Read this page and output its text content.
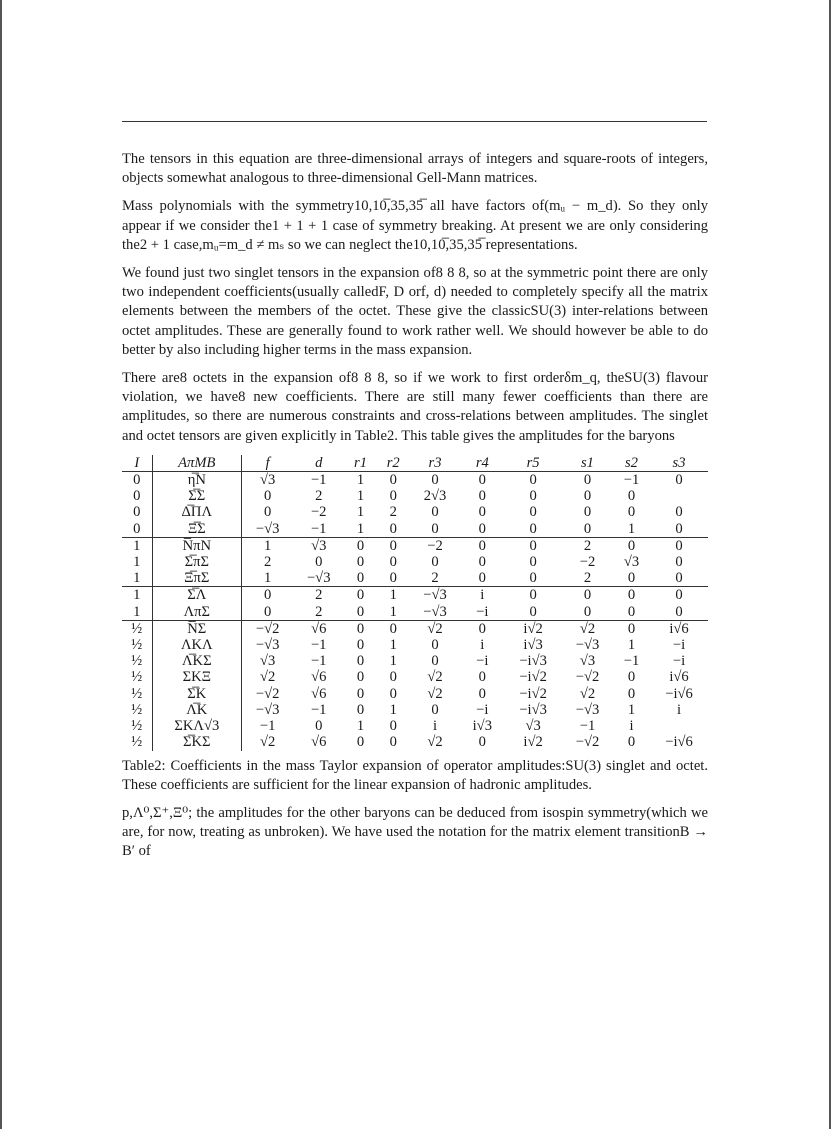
The tensors in this equation are three-dimensional arrays of integers and square-roots of integers, objects somewhat analogous to three-dimensional Gell-Mann matrices.

Mass polynomials with the symmetry10,10̅,35,35̅ all have factors of(mᵤ − m_d). So they only appear if we consider the1 + 1 + 1 case of symmetry breaking. At present we are only considering the2 + 1 case,mᵤ=m_d ≠ mₛ so we can neglect the10,10̅,35,35̅ representations.

We found just two singlet tensors in the expansion of8 8 8, so at the symmetric point there are only two independent coefficients(usually calledF, D orf, d) needed to completely specify all the matrix elements between the members of the octet. These give the classicSU(3) inter-relations between octet amplitudes. These are generally found to work rather well. We should however be able to do better by also including higher terms in the mass expansion.

There are8 octets in the expansion of8 8 8, so if we work to first orderδm_q, theSU(3) flavour violation, we have8 new coefficients. There are still many fewer coefficients than there are amplitudes, so there are numerous constraints and cross-relations between amplitudes. The singlet and octet tensors are given explicitly in Table2. This table gives the amplitudes for the baryons

I	AπMB	f	d	r1	r2	r3	r4	r5	s1	s2	s3
0	η̅N	√3	−1	1	0	0	0	0	0	−1	0
0	Σ̅Σ	0	2	1	0	2√3	0	0	0	0	
0	Δ̅ΠΛ	0	−2	1	2	0	0	0	0	0	0
0	Ξ̅Σ	−√3	−1	1	0	0	0	0	0	1	0
1	N̅πN	1	√3	0	0	−2	0	0	2	0	0
1	Σ̅πΣ	2	0	0	0	0	0	0	−2	√3	0
1	Ξ̅πΣ	1	−√3	0	0	2	0	0	2	0	0
1	Σ̅Λ	0	2	0	1	−√3	i	0	0	0	0
1	ΛπΣ	0	2	0	1	−√3	−i	0	0	0	0
½	N̅Σ	−√2	√6	0	0	√2	0	i√2	√2	0	i√6
½	ΛKΛ	−√3	−1	0	1	0	i	i√3	−√3	1	−i
½	Λ̅KΣ	√3	−1	0	1	0	−i	−i√3	√3	−1	−i
½	ΣKΞ	√2	√6	0	0	√2	0	−i√2	−√2	0	i√6
½	Σ̅K	−√2	√6	0	0	√2	0	−i√2	√2	0	−i√6
½	Λ̅K	−√3	−1	0	1	0	−i	−i√3	−√3	1	i
½	ΣKΛ√3	−1	0	1	0	i	i√3	√3	−1	i	
½	Σ̅KΣ	√2	√6	0	0	√2	0	i√2	−√2	0	−i√6

Table2: Coefficients in the mass Taylor expansion of operator amplitudes:SU(3) singlet and octet. These coefficients are sufficient for the linear expansion of hadronic amplitudes.

p,Λ⁰,Σ⁺,Ξ⁰; the amplitudes for the other baryons can be deduced from isospin symmetry(which we are, for now, treating as unbroken). We have used the notation for the matrix element transitionB → B′ of
